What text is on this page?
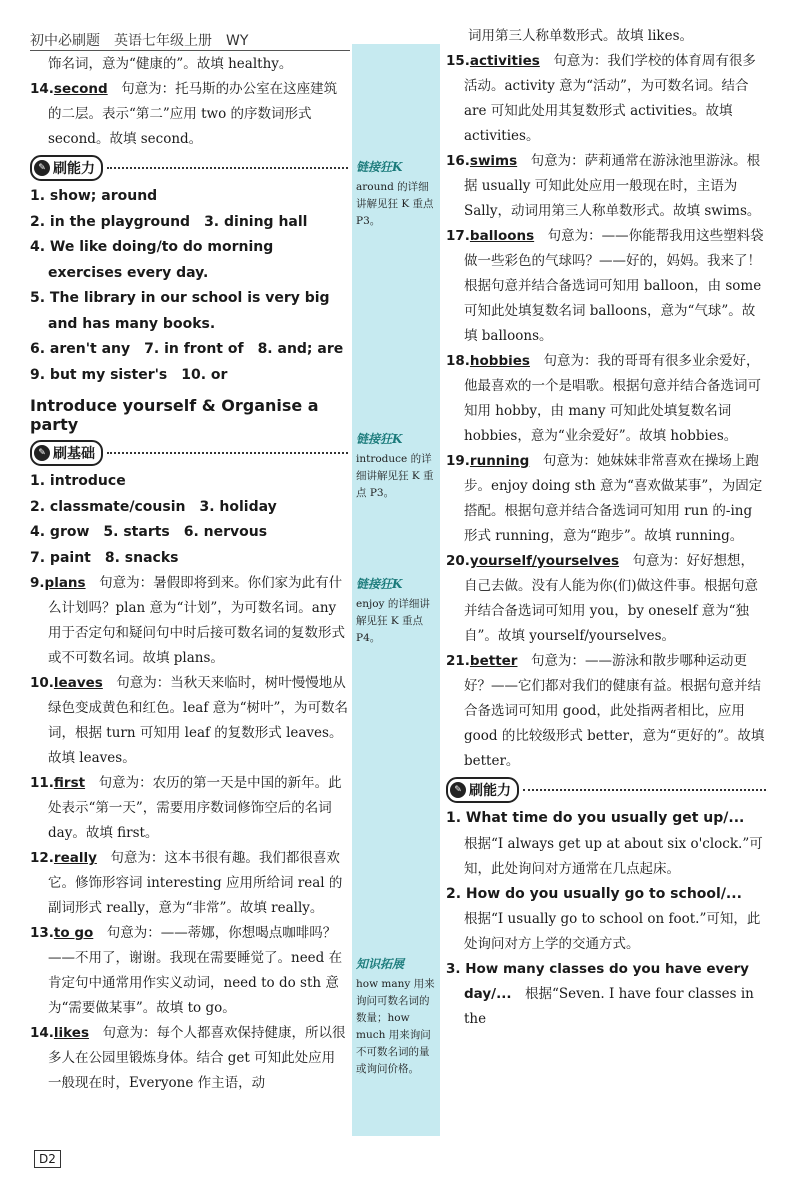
初中必刷题　英语七年级上册　WY

饰名词，意为“健康的”。故填 healthy。

14.second　句意为：托马斯的办公室在这座建筑的二层。表示“第二”应用 two 的序数词形式 second。故填 second。

✎ 刷能力

1. show; around

2. in the playground　3. dining hall

4. We like doing/to do morning exercises every day.

5. The library in our school is very big and has many books.

6. aren't any　7. in front of　8. and; are

9. but my sister's　10. or

Introduce yourself & Organise a party
✎ 刷基础

1. introduce

2. classmate/cousin　3. holiday

4. grow　5. starts　6. nervous

7. paint　8. snacks

9.plans　句意为：暑假即将到来。你们家为此有什么计划吗？plan 意为“计划”，为可数名词。any 用于否定句和疑问句中时后接可数名词的复数形式或不可数名词。故填 plans。

10.leaves　句意为：当秋天来临时，树叶慢慢地从绿色变成黄色和红色。leaf 意为“树叶”，为可数名词，根据 turn 可知用 leaf 的复数形式 leaves。故填 leaves。

11.first　句意为：农历的第一天是中国的新年。此处表示“第一天”，需要用序数词修饰空后的名词 day。故填 first。

12.really　句意为：这本书很有趣。我们都很喜欢它。修饰形容词 interesting 应用所给词 real 的副词形式 really，意为“非常”。故填 really。

13.to go　句意为：——蒂娜，你想喝点咖啡吗？——不用了，谢谢。我现在需要睡觉了。need 在肯定句中通常用作实义动词，need to do sth 意为“需要做某事”。故填 to go。

14.likes　句意为：每个人都喜欢保持健康，所以很多人在公园里锻炼身体。结合 get 可知此处应用一般现在时，Everyone 作主语，动

链接狂K

around 的详细讲解见狂 K 重点 P3。

链接狂K

introduce 的详细讲解见狂 K 重点 P3。

链接狂K

enjoy 的详细讲解见狂 K 重点 P4。

知识拓展

how many 用来询问可数名词的数量；how much 用来询问不可数名词的量或询问价格。

词用第三人称单数形式。故填 likes。

15.activities　句意为：我们学校的体育周有很多活动。activity 意为“活动”，为可数名词。结合 are 可知此处用其复数形式 activities。故填 activities。

16.swims　句意为：萨莉通常在游泳池里游泳。根据 usually 可知此处应用一般现在时，主语为 Sally，动词用第三人称单数形式。故填 swims。

17.balloons　句意为：——你能帮我用这些塑料袋做一些彩色的气球吗？——好的，妈妈。我来了！根据句意并结合备选词可知用 balloon，由 some 可知此处填复数名词 balloons，意为“气球”。故填 balloons。

18.hobbies　句意为：我的哥哥有很多业余爱好，他最喜欢的一个是唱歌。根据句意并结合备选词可知用 hobby，由 many 可知此处填复数名词 hobbies，意为“业余爱好”。故填 hobbies。

19.running　句意为：她妹妹非常喜欢在操场上跑步。enjoy doing sth 意为“喜欢做某事”，为固定搭配。根据句意并结合备选词可知用 run 的-ing 形式 running，意为“跑步”。故填 running。

20.yourself/yourselves　句意为：好好想想，自己去做。没有人能为你(们)做这件事。根据句意并结合备选词可知用 you，by oneself 意为“独自”。故填 yourself/yourselves。

21.better　句意为：——游泳和散步哪种运动更好？——它们都对我们的健康有益。根据句意并结合备选词可知用 good，此处指两者相比，应用 good 的比较级形式 better，意为“更好的”。故填 better。

✎ 刷能力

1. What time do you usually get up/...

根据“I always get up at about six o'clock.”可知，此处询问对方通常在几点起床。

2. How do you usually go to school/...

根据“I usually go to school on foot.”可知，此处询问对方上学的交通方式。

3. How many classes do you have every day/...　根据“Seven. I have four classes in the

D2
